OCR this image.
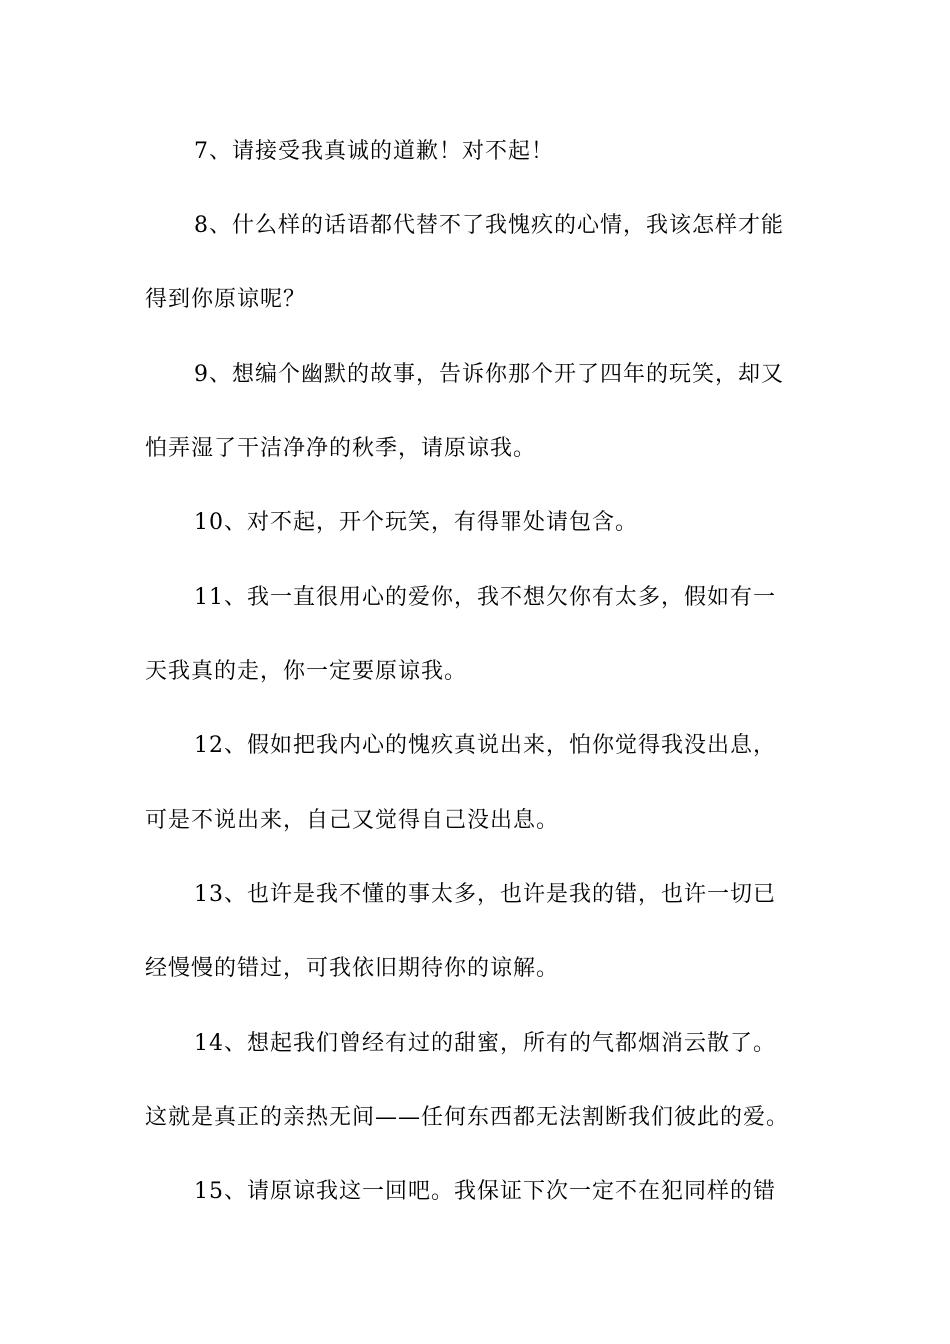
7、请接受我真诚的道歉！对不起！
8、什么样的话语都代替不了我愧疚的心情，我该怎样才能
得到你原谅呢？
9、想编个幽默的故事，告诉你那个开了四年的玩笑，却又
怕弄湿了干洁净净的秋季，请原谅我。
10、对不起，开个玩笑，有得罪处请包含。
11、我一直很用心的爱你，我不想欠你有太多，假如有一
天我真的走，你一定要原谅我。
12、假如把我内心的愧疚真说出来，怕你觉得我没出息，
可是不说出来，自己又觉得自己没出息。
13、也许是我不懂的事太多，也许是我的错，也许一切已
经慢慢的错过，可我依旧期待你的谅解。
14、想起我们曾经有过的甜蜜，所有的气都烟消云散了。
这就是真正的亲热无间——任何东西都无法割断我们彼此的爱。
15、请原谅我这一回吧。我保证下次一定不在犯同样的错
